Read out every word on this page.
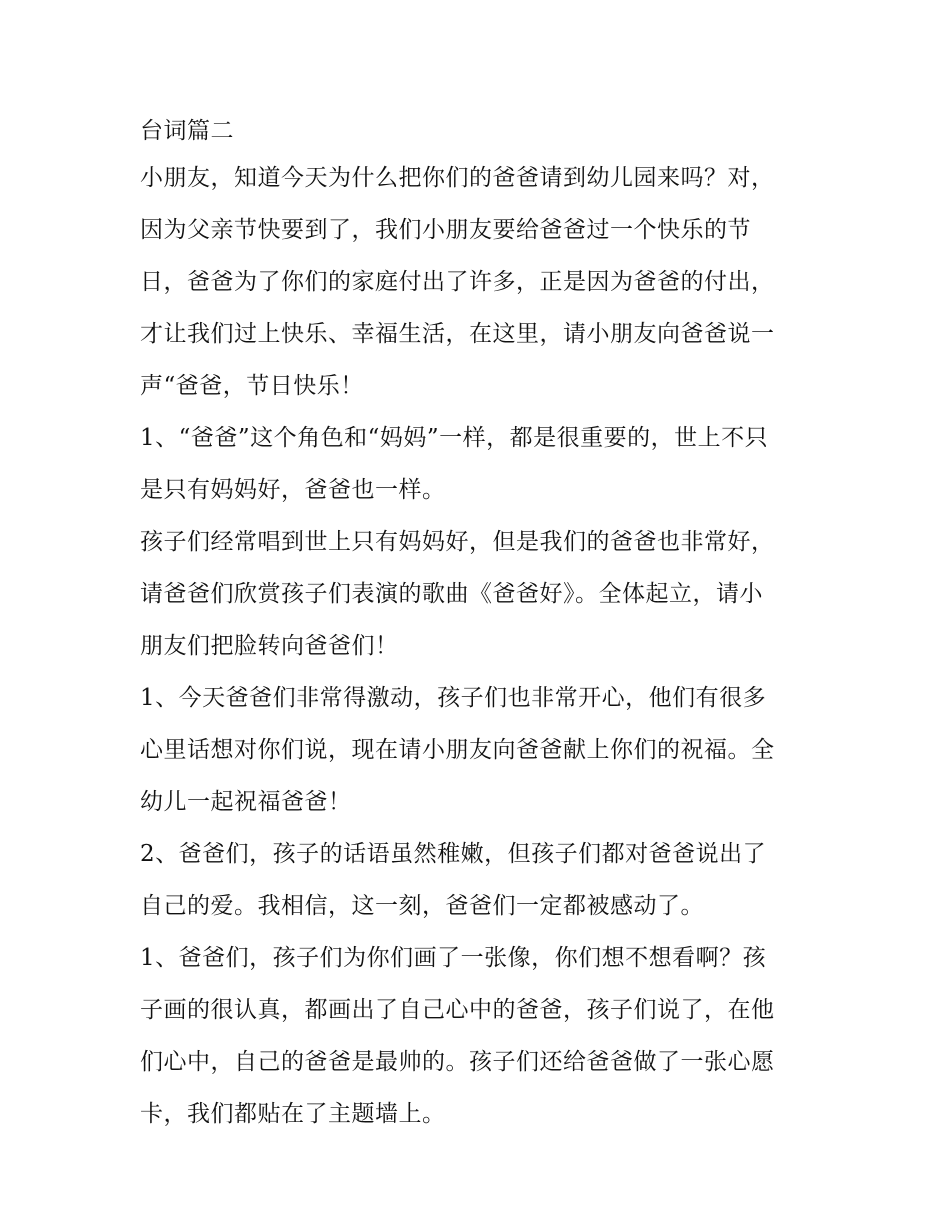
台词篇二

小朋友，知道今天为什么把你们的爸爸请到幼儿园来吗？对，

因为父亲节快要到了，我们小朋友要给爸爸过一个快乐的节

日，爸爸为了你们的家庭付出了许多，正是因为爸爸的付出，

才让我们过上快乐、幸福生活，在这里，请小朋友向爸爸说一

声“爸爸，节日快乐！

1、“爸爸”这个角色和“妈妈”一样，都是很重要的，世上不只

是只有妈妈好，爸爸也一样。

孩子们经常唱到世上只有妈妈好，但是我们的爸爸也非常好，

请爸爸们欣赏孩子们表演的歌曲《爸爸好》。全体起立，请小

朋友们把脸转向爸爸们！

1、今天爸爸们非常得激动，孩子们也非常开心，他们有很多

心里话想对你们说，现在请小朋友向爸爸献上你们的祝福。全

幼儿一起祝福爸爸！

2、爸爸们，孩子的话语虽然稚嫩，但孩子们都对爸爸说出了

自己的爱。我相信，这一刻，爸爸们一定都被感动了。

1、爸爸们，孩子们为你们画了一张像，你们想不想看啊？孩

子画的很认真，都画出了自己心中的爸爸，孩子们说了，在他

们心中，自己的爸爸是最帅的。孩子们还给爸爸做了一张心愿

卡，我们都贴在了主题墙上。
